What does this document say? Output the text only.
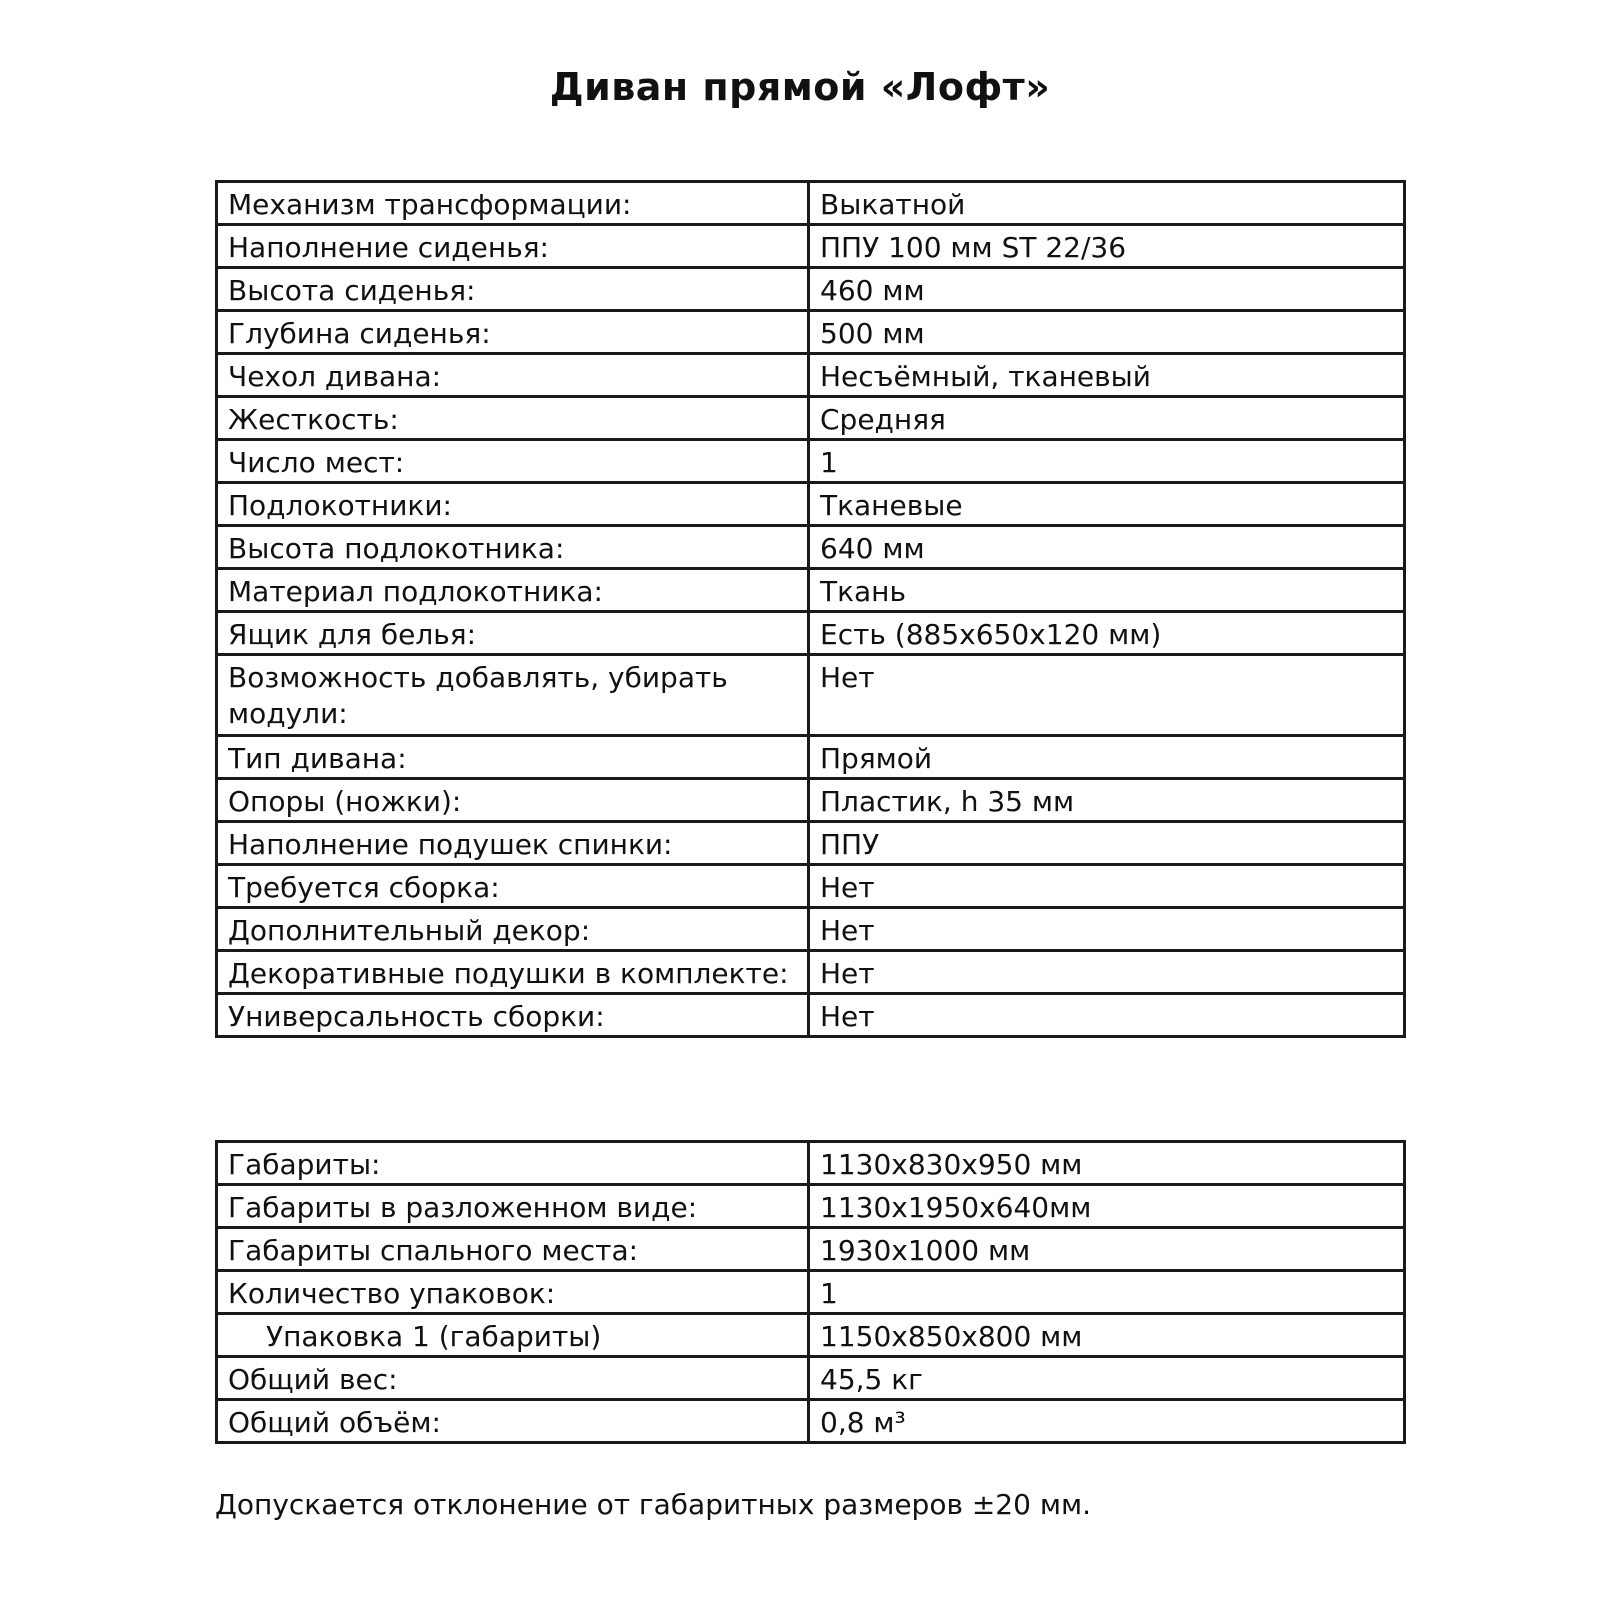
Диван прямой «Лофт»
Механизм трансформации:	Выкатной
Наполнение сиденья:	ППУ 100 мм ST 22/36
Высота сиденья:	460 мм
Глубина сиденья:	500 мм
Чехол дивана:	Несъёмный, тканевый
Жесткость:	Средняя
Число мест:	1
Подлокотники:	Тканевые
Высота подлокотника:	640 мм
Материал подлокотника:	Ткань
Ящик для белья:	Есть (885х650х120 мм)
Возможность добавлять, убирать модули:	Нет
Тип дивана:	Прямой
Опоры (ножки):	Пластик, h 35 мм
Наполнение подушек спинки:	ППУ
Требуется сборка:	Нет
Дополнительный декор:	Нет
Декоративные подушки в комплекте:	Нет
Универсальность сборки:	Нет
Габариты:	1130х830х950 мм
Габариты в разложенном виде:	1130х1950х640мм
Габариты спального места:	1930х1000 мм
Количество упаковок:	1
Упаковка 1 (габариты)	1150х850х800 мм
Общий вес:	45,5 кг
Общий объём:	0,8 м³

Допускается отклонение от габаритных размеров ±20 мм.
